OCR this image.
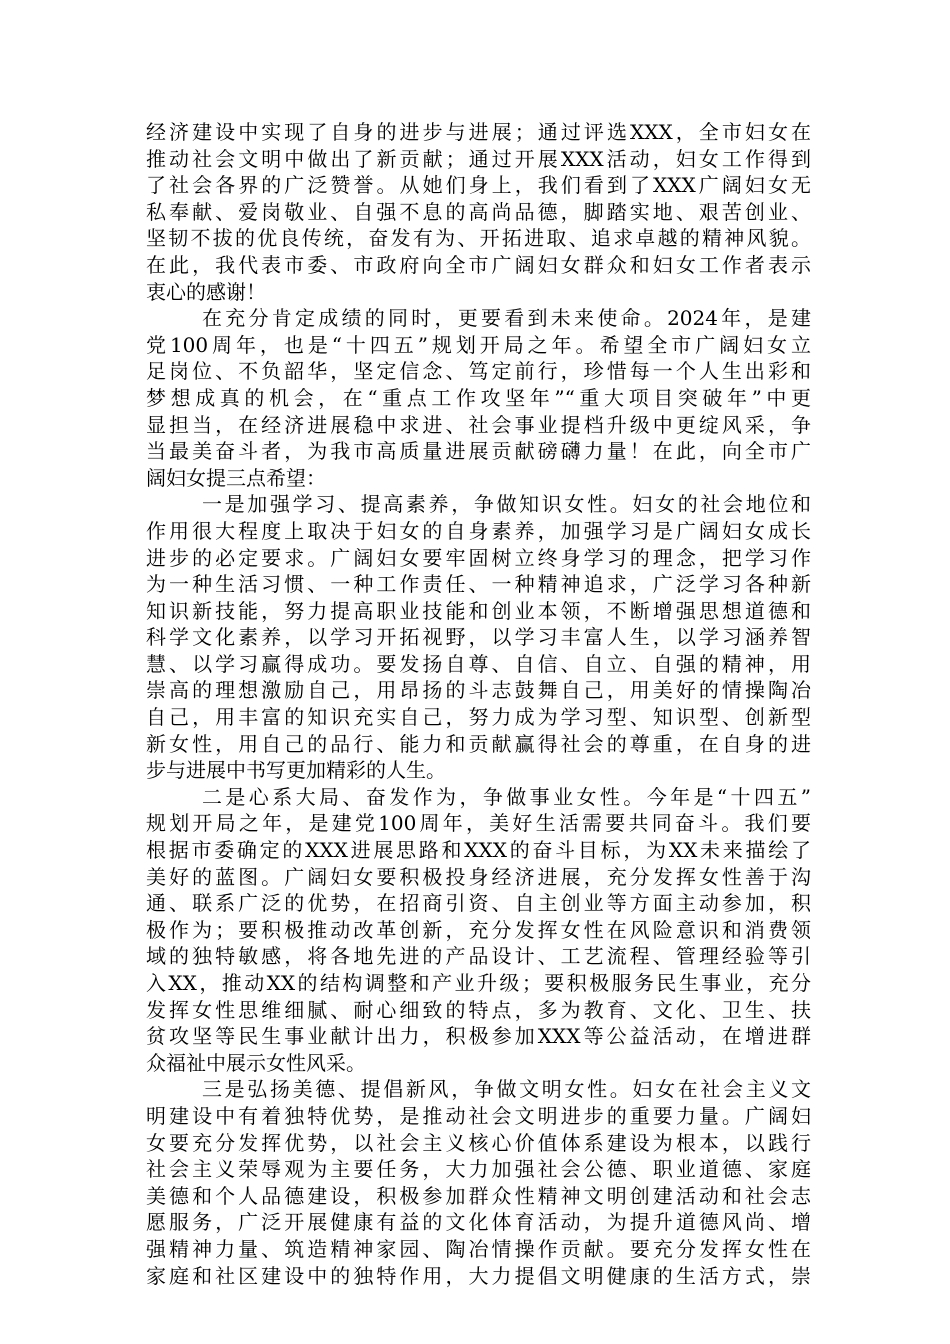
经济建设中实现了自身的进步与进展；通过评选XXX，全市妇女在
推动社会文明中做出了新贡献；通过开展XXX活动，妇女工作得到
了社会各界的广泛赞誉。从她们身上，我们看到了XXX广阔妇女无
私奉献、爱岗敬业、自强不息的高尚品德，脚踏实地、艰苦创业、
坚韧不拔的优良传统，奋发有为、开拓进取、追求卓越的精神风貌。
在此，我代表市委、市政府向全市广阔妇女群众和妇女工作者表示
衷心的感谢！
在充分肯定成绩的同时，更要看到未来使命。2024年，是建
党100周年，也是“十四五”规划开局之年。希望全市广阔妇女立
足岗位、不负韶华，坚定信念、笃定前行，珍惜每一个人生出彩和
梦想成真的机会，在“重点工作攻坚年”“重大项目突破年”中更
显担当，在经济进展稳中求进、社会事业提档升级中更绽风采，争
当最美奋斗者，为我市高质量进展贡献磅礴力量！在此，向全市广
阔妇女提三点希望：
一是加强学习、提高素养，争做知识女性。妇女的社会地位和
作用很大程度上取决于妇女的自身素养，加强学习是广阔妇女成长
进步的必定要求。广阔妇女要牢固树立终身学习的理念，把学习作
为一种生活习惯、一种工作责任、一种精神追求，广泛学习各种新
知识新技能，努力提高职业技能和创业本领，不断增强思想道德和
科学文化素养，以学习开拓视野，以学习丰富人生，以学习涵养智
慧、以学习赢得成功。要发扬自尊、自信、自立、自强的精神，用
崇高的理想激励自己，用昂扬的斗志鼓舞自己，用美好的情操陶冶
自己，用丰富的知识充实自己，努力成为学习型、知识型、创新型
新女性，用自己的品行、能力和贡献赢得社会的尊重，在自身的进
步与进展中书写更加精彩的人生。
二是心系大局、奋发作为，争做事业女性。今年是“十四五”
规划开局之年，是建党100周年，美好生活需要共同奋斗。我们要
根据市委确定的XXX进展思路和XXX的奋斗目标，为XX未来描绘了
美好的蓝图。广阔妇女要积极投身经济进展，充分发挥女性善于沟
通、联系广泛的优势，在招商引资、自主创业等方面主动参加，积
极作为；要积极推动改革创新，充分发挥女性在风险意识和消费领
域的独特敏感，将各地先进的产品设计、工艺流程、管理经验等引
入XX，推动XX的结构调整和产业升级；要积极服务民生事业，充分
发挥女性思维细腻、耐心细致的特点，多为教育、文化、卫生、扶
贫攻坚等民生事业献计出力，积极参加XXX等公益活动，在增进群
众福祉中展示女性风采。
三是弘扬美德、提倡新风，争做文明女性。妇女在社会主义文
明建设中有着独特优势，是推动社会文明进步的重要力量。广阔妇
女要充分发挥优势，以社会主义核心价值体系建设为根本，以践行
社会主义荣辱观为主要任务，大力加强社会公德、职业道德、家庭
美德和个人品德建设，积极参加群众性精神文明创建活动和社会志
愿服务，广泛开展健康有益的文化体育活动，为提升道德风尚、增
强精神力量、筑造精神家园、陶冶情操作贡献。要充分发挥女性在
家庭和社区建设中的独特作用，大力提倡文明健康的生活方式，崇
